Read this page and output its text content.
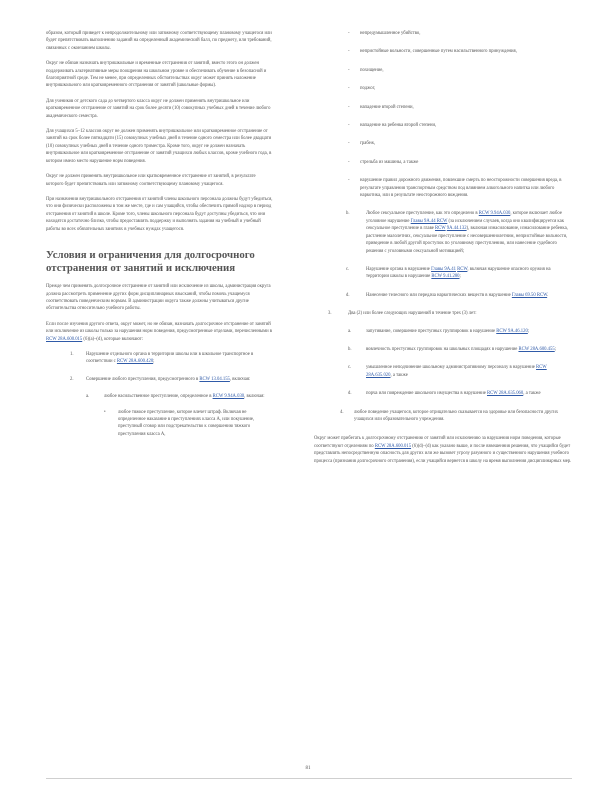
образом, который приведет к непродолжительному или затяжному соответствующему плановому учащегося или будет препятствовать выполнению заданий на определенный академический балл, по предмету, или требований, связанных с окончанием школы.

Округ не обязан назначать внутришкольные и временные отстранения от занятий, вместо этого он должен поддерживать альтернативные меры поощрения на школьном уровне и обеспечивать обучение в безопасной и благоприятной среде. Тем не менее, при определенных обстоятельствах округ может принять наложение внутришкольного или кратковременного отстранения от занятий (школьные формы).

Для учеников от детского сада до четвертого класса округ не должен применять внутришкольное или кратковременное отстранение от занятий на срок более десяти (10) совокупных учебных дней в течение любого академического семестра.

Для учащихся 5–12 классов округ не должен применять внутришкольное или кратковременное отстранение от занятий на срок более пятнадцати (15) совокупных учебных дней в течение одного семестра или более двадцати (10) совокупных учебных дней в течение одного триместра. Кроме того, округ не должен назначать внутришкольное или кратковременное отстранение от занятий учащихся любых классов, кроме учебного года, в котором имело место нарушение норм поведения.

Округ не должен применять внутришкольное или кратковременное отстранение от занятий, в результате которого будет препятствовать или затяжному соответствующему плановому учащегося.

При назначении внутришкольного отстранения от занятий члены школьного персонала должны будут убедиться, что они физически расположены в том же месте, где и сам учащийся, чтобы обеспечить прямой надзор в период отстранения от занятий в школе. Кроме того, члены школьного персонала будут доступны убедиться, что они находятся достаточно близко, чтобы предоставлять поддержку и выполнять задания на учебный и учебный работы во всех обязательных занятиях в учебных нуждах учащегося.

Условия и ограничения для долгосрочного отстранения от занятий и исключения

Прежде чем применять долгосрочное отстранение от занятий или исключение из школы, администрация округа должна рассмотреть применение других форм дисциплинарных взысканий, чтобы помочь учащемуся соответствовать поведенческим нормам. В администрации округа также должны учитываться другие обстоятельства относительно учебного работы.

Если после изучения другого ответа, округ может, но не обязан, назначать долгосрочное отстранение от занятий или исключение из школы только за нарушения норм поведения, предусмотренные отделами, перечисленными в RCW 28A.600.015 (6)(а)–(d), которые включают:

1.	Нарушение отдельного органа в территории школы или в школьное транспортное в соответствии с RCW 28A.600.420;
2.	Совершение любого преступления, предусмотренного в RCW 13.04.155, включая:
а.	любое насильственное преступление, определенное в RCW 9.94A.030, включая:
•	любое тяжкое преступление, которое влечет штраф. Включая не определенное наказание в преступлениях класса A, или покушение, преступный сговор или подстрекательство к совершению тяжкого преступления класса A,
- непредумышленное убийство,
- непристойные вольности, совершенные путем насильственного принуждения,
- похищение,
- поджог,
- нападение второй степени,
- нападение на ребенка второй степени,
- грабеж,
- стрельба из машины, а также
- нарушение правил дорожного движения, повлекшие смерть по неосторожности совершения вреда, в результате управления транспортным средством под влиянием алкогольного напитка или любого наркотика, или в результате неосторожного вождения.
b.	Любое сексуальное преступление, как это определено в RCW 9.94A.030, которое включает любое уголовное нарушение Главы 9A.44 RCW (за исключением случаев, когда оно квалифицируется как сексуальное преступление в главе RCW 9A.44.132), включая изнасилование, изнасилование ребенка, растление малолетних, сексуальное преступление с несовершеннолетним, непристойные вольности, приведение в любой другой проступок по уголовному преступлению, или нанесение судебного решения с уголовными сексуальной мотивацией;
c.	Нарушение органа в нарушение Главы 9A.41 RCW, включая нарушение опасного оружия на территории школы в нарушение RCW 9.41.280;
d.	Нанесение телесного или передача наркотических веществ в нарушение Главы 69.50 RCW.
3.	Два (2) или более следующих нарушений в течение трех (3) лет:
а.	запугивание, совершение преступных группировок в нарушение RCW 9A.46.120;
b.	вовлечность преступных группировок на школьных площадях в нарушение RCW 28A.600.455;
c.	умышленное неподчинение школьному административному персоналу в нарушение RCW 28A.635.020, а также
d.	порча или повреждение школьного имущества в нарушение RCW 28A.635.060, а также
4. любое поведение учащегося, которое отрицательно сказывается на здоровье или безопасности других учащихся или образовательного учреждения.

Округ может прибегать к долгосрочному отстранению от занятий или исключению за нарушения норм поведения, которые соответствуют отделениям по RCW 28A.600.015 (6)(d)–(d) как указано выше, и после взвешенния решения, что учащийся будет представлять непосредственную опасность для других или же вызовет угрозу разумного и существенного нарушения учебного процесса (признания долгосрочного отстранения), если учащийся вернется в школу на время выполнения дисциплинарных мер.

81
